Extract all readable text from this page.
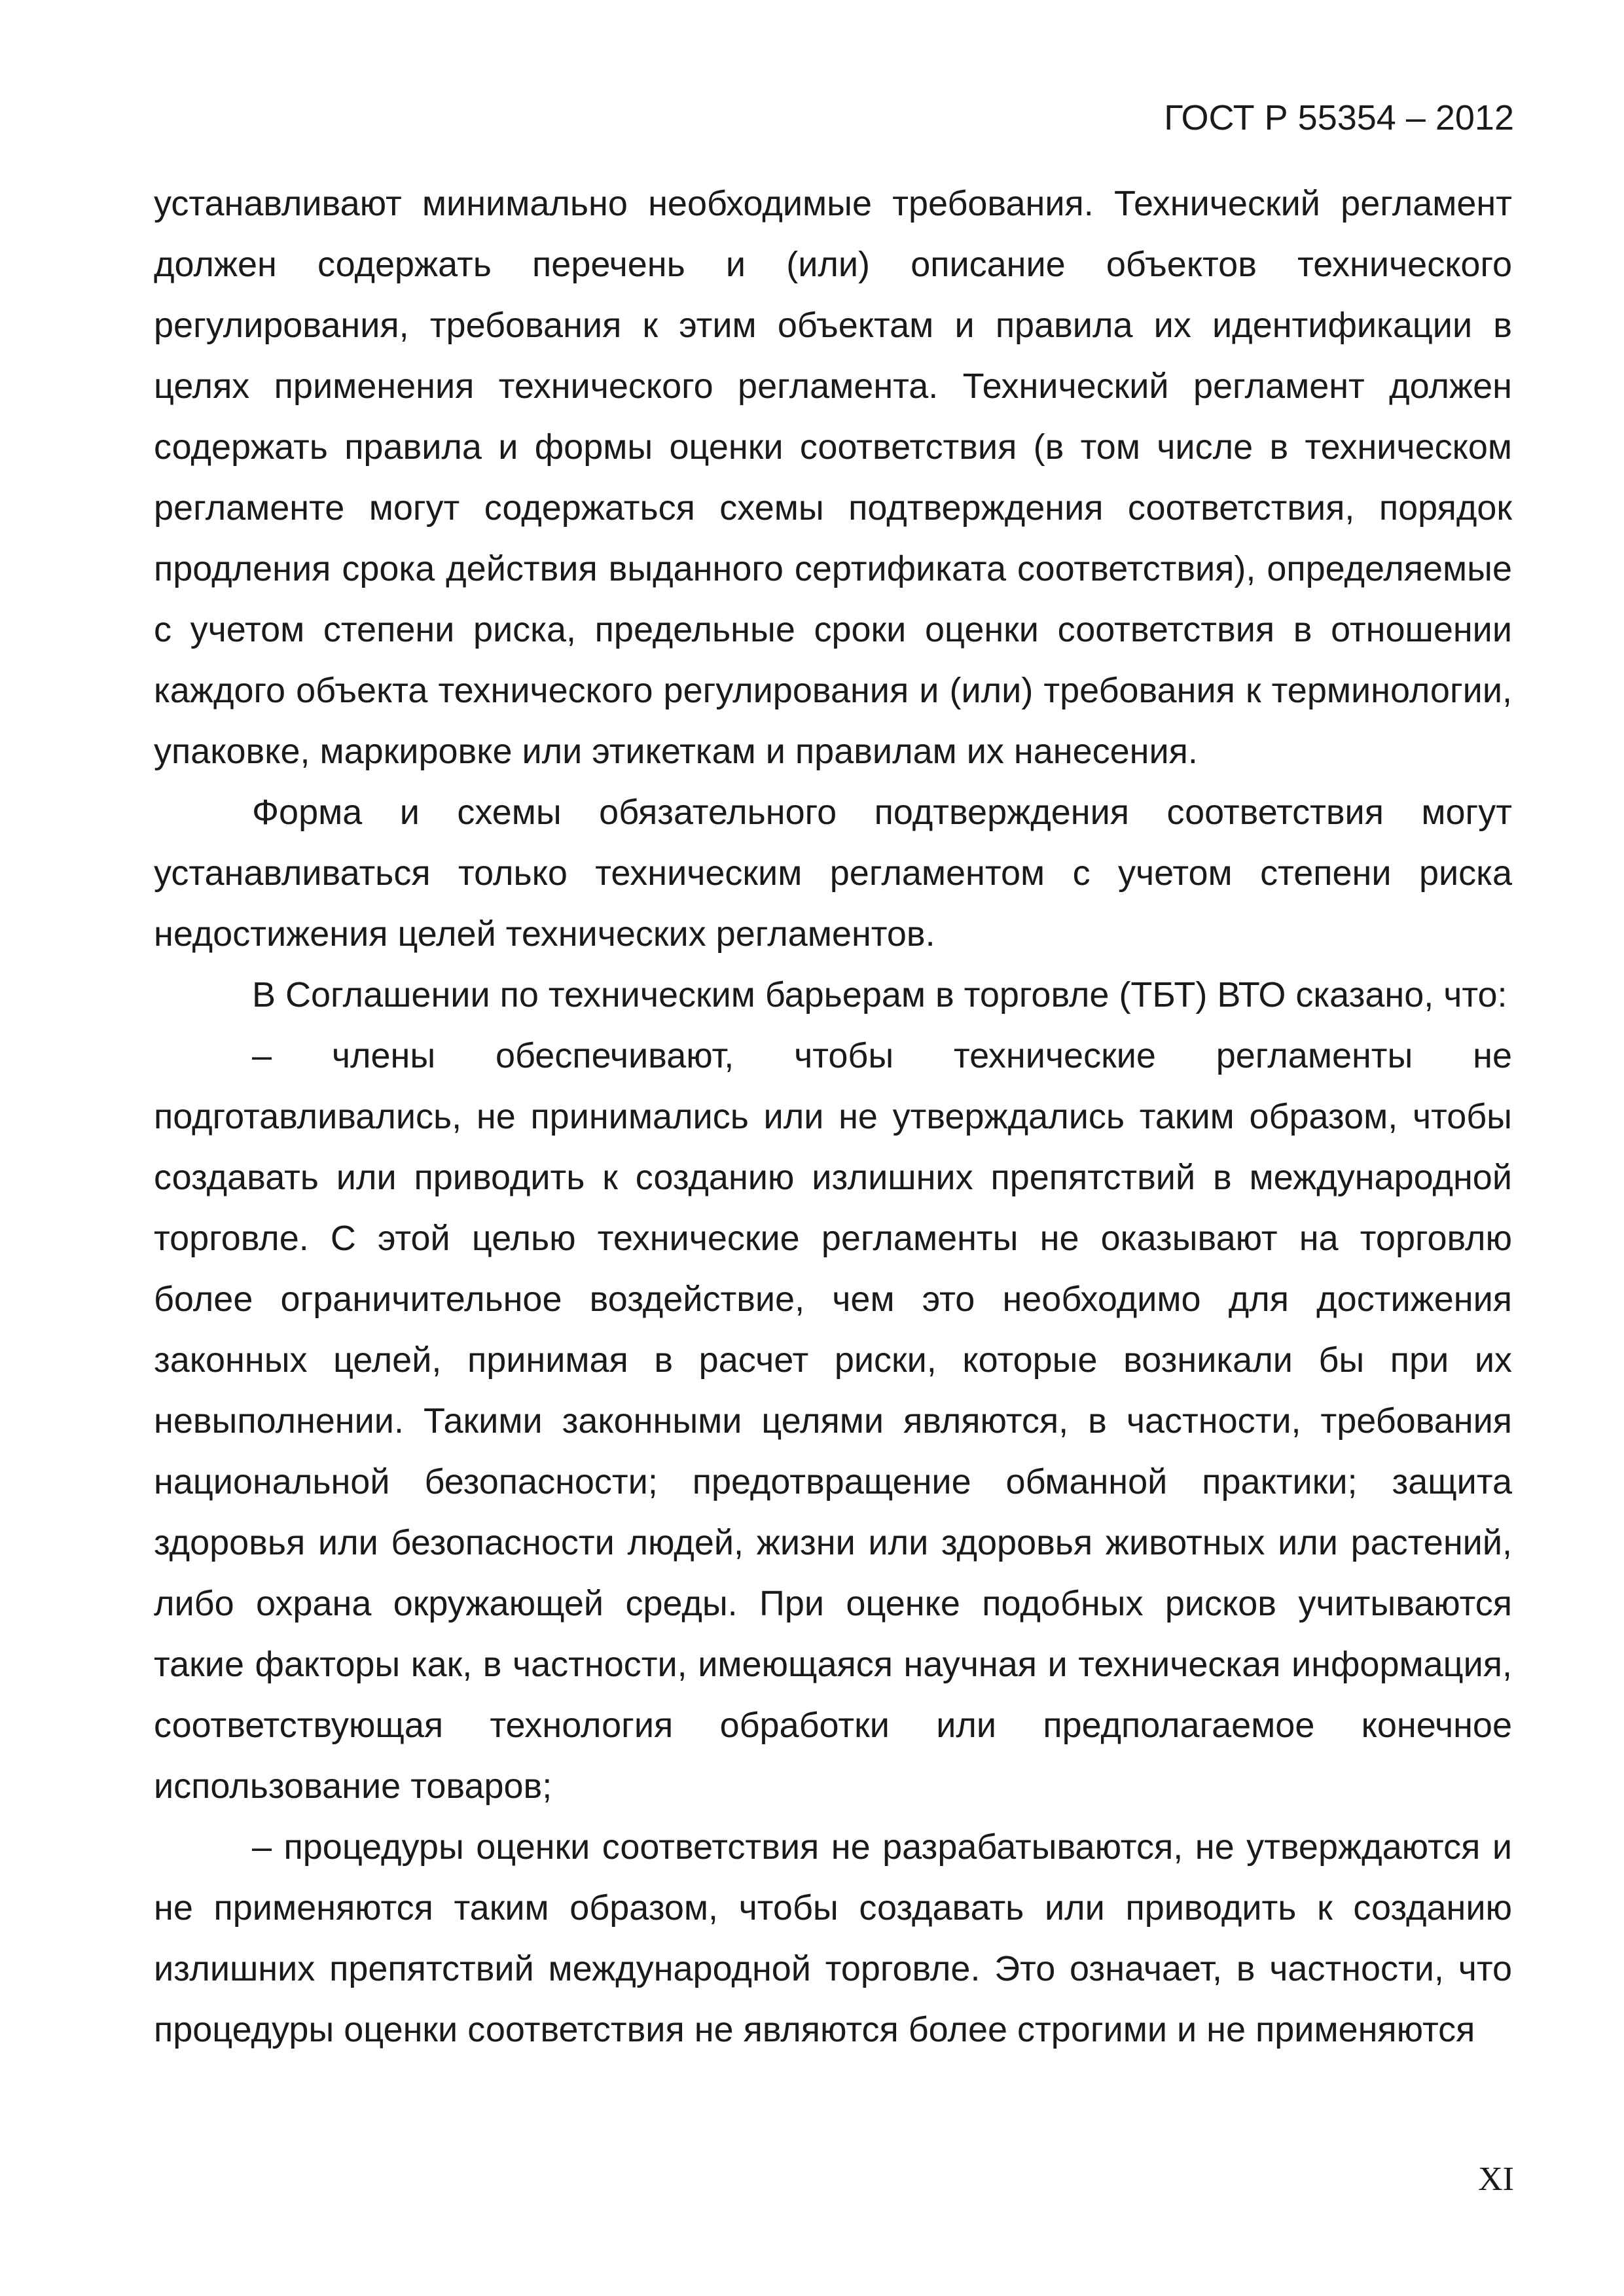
ГОСТ Р 55354 – 2012

устанавливают минимально необходимые требования. Технический регламент должен содержать перечень и (или) описание объектов технического регулирования, требования к этим объектам и правила их идентификации в целях применения технического регламента. Технический регламент должен содержать правила и формы оценки соответствия (в том числе в техническом регламенте могут содержаться схемы подтверждения соответствия, порядок продления срока действия выданного сертификата соответствия), определяемые с учетом степени риска, предельные сроки оценки соответствия в отношении каждого объекта технического регулирования и (или) требования к терминологии, упаковке, маркировке или этикеткам и правилам их нанесения.

Форма и схемы обязательного подтверждения соответствия могут устанавливаться только техническим регламентом с учетом степени риска недостижения целей технических регламентов.

В Соглашении по техническим барьерам в торговле (ТБТ) ВТО сказано, что:

– члены обеспечивают, чтобы технические регламенты не подготавливались, не принимались или не утверждались таким образом, чтобы создавать или приводить к созданию излишних препятствий в международной торговле. С этой целью технические регламенты не оказывают на торговлю более ограничительное воздействие, чем это необходимо для достижения законных целей, принимая в расчет риски, которые возникали бы при их невыполнении. Такими законными целями являются, в частности, требования национальной безопасности; предотвращение обманной практики; защита здоровья или безопасности людей, жизни или здоровья животных или растений, либо охрана окружающей среды. При оценке подобных рисков учитываются такие факторы как, в частности, имеющаяся научная и техническая информация, соответствующая технология обработки или предполагаемое конечное использование товаров;

– процедуры оценки соответствия не разрабатываются, не утверждаются и не применяются таким образом, чтобы создавать или приводить к созданию излишних препятствий международной торговле. Это означает, в частности, что процедуры оценки соответствия не являются более строгими и не применяются

XI
